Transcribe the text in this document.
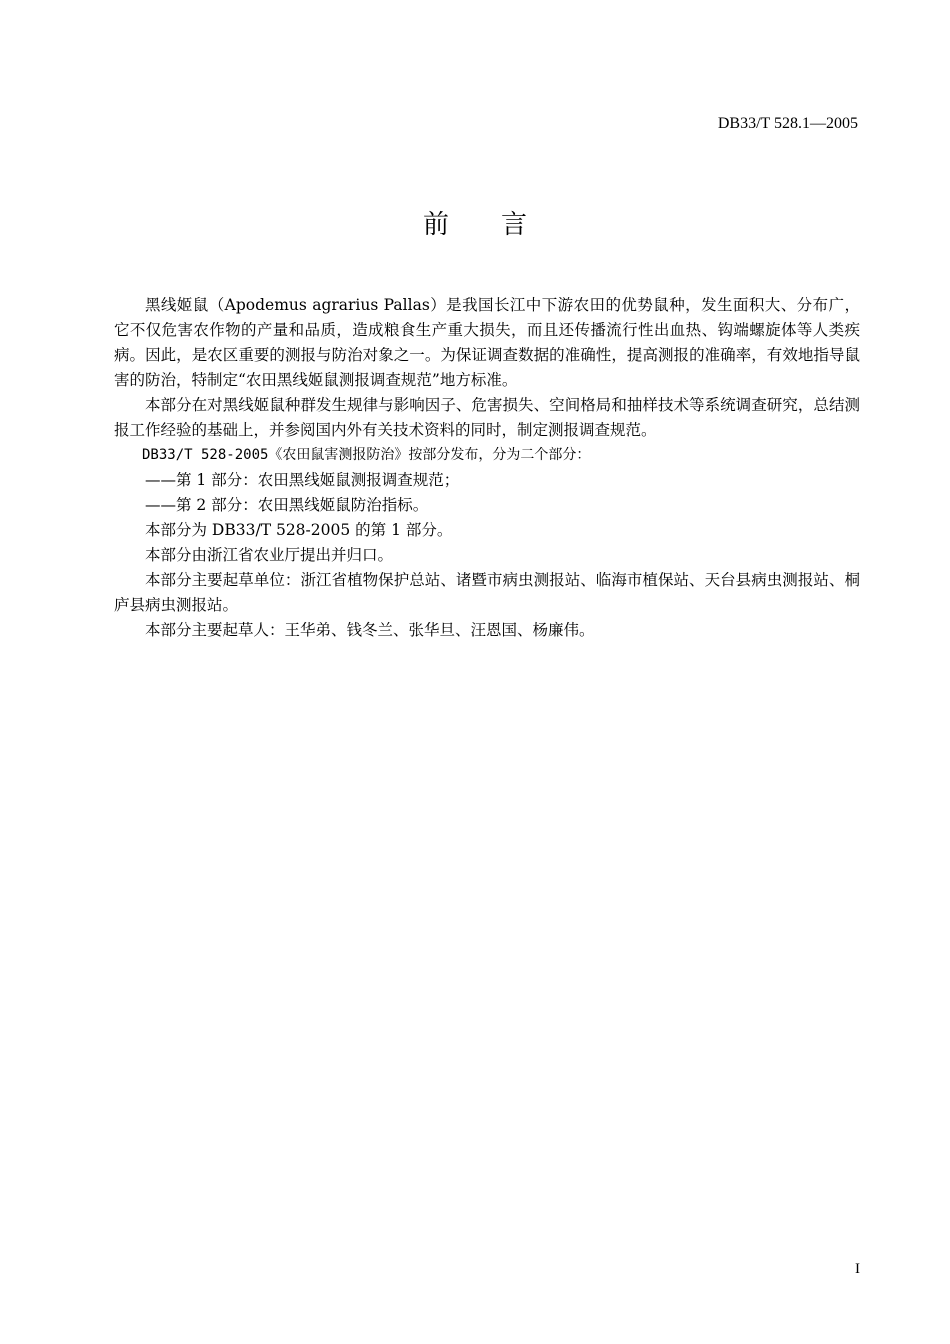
DB33/T 528.1—2005
前言

黑线姬鼠（Apodemus agrarius Pallas）是我国长江中下游农田的优势鼠种，发生面积大、分布广，它不仅危害农作物的产量和品质，造成粮食生产重大损失，而且还传播流行性出血热、钩端螺旋体等人类疾病。因此，是农区重要的测报与防治对象之一。为保证调查数据的准确性，提高测报的准确率，有效地指导鼠害的防治，特制定“农田黑线姬鼠测报调查规范”地方标准。

本部分在对黑线姬鼠种群发生规律与影响因子、危害损失、空间格局和抽样技术等系统调查研究，总结测报工作经验的基础上，并参阅国内外有关技术资料的同时，制定测报调查规范。

DB33/T 528-2005《农田鼠害测报防治》按部分发布，分为二个部分：

——第 1 部分：农田黑线姬鼠测报调查规范；

——第 2 部分：农田黑线姬鼠防治指标。

本部分为 DB33/T 528-2005 的第 1 部分。

本部分由浙江省农业厅提出并归口。

本部分主要起草单位：浙江省植物保护总站、诸暨市病虫测报站、临海市植保站、天台县病虫测报站、桐庐县病虫测报站。

本部分主要起草人：王华弟、钱冬兰、张华旦、汪恩国、杨廉伟。

I
